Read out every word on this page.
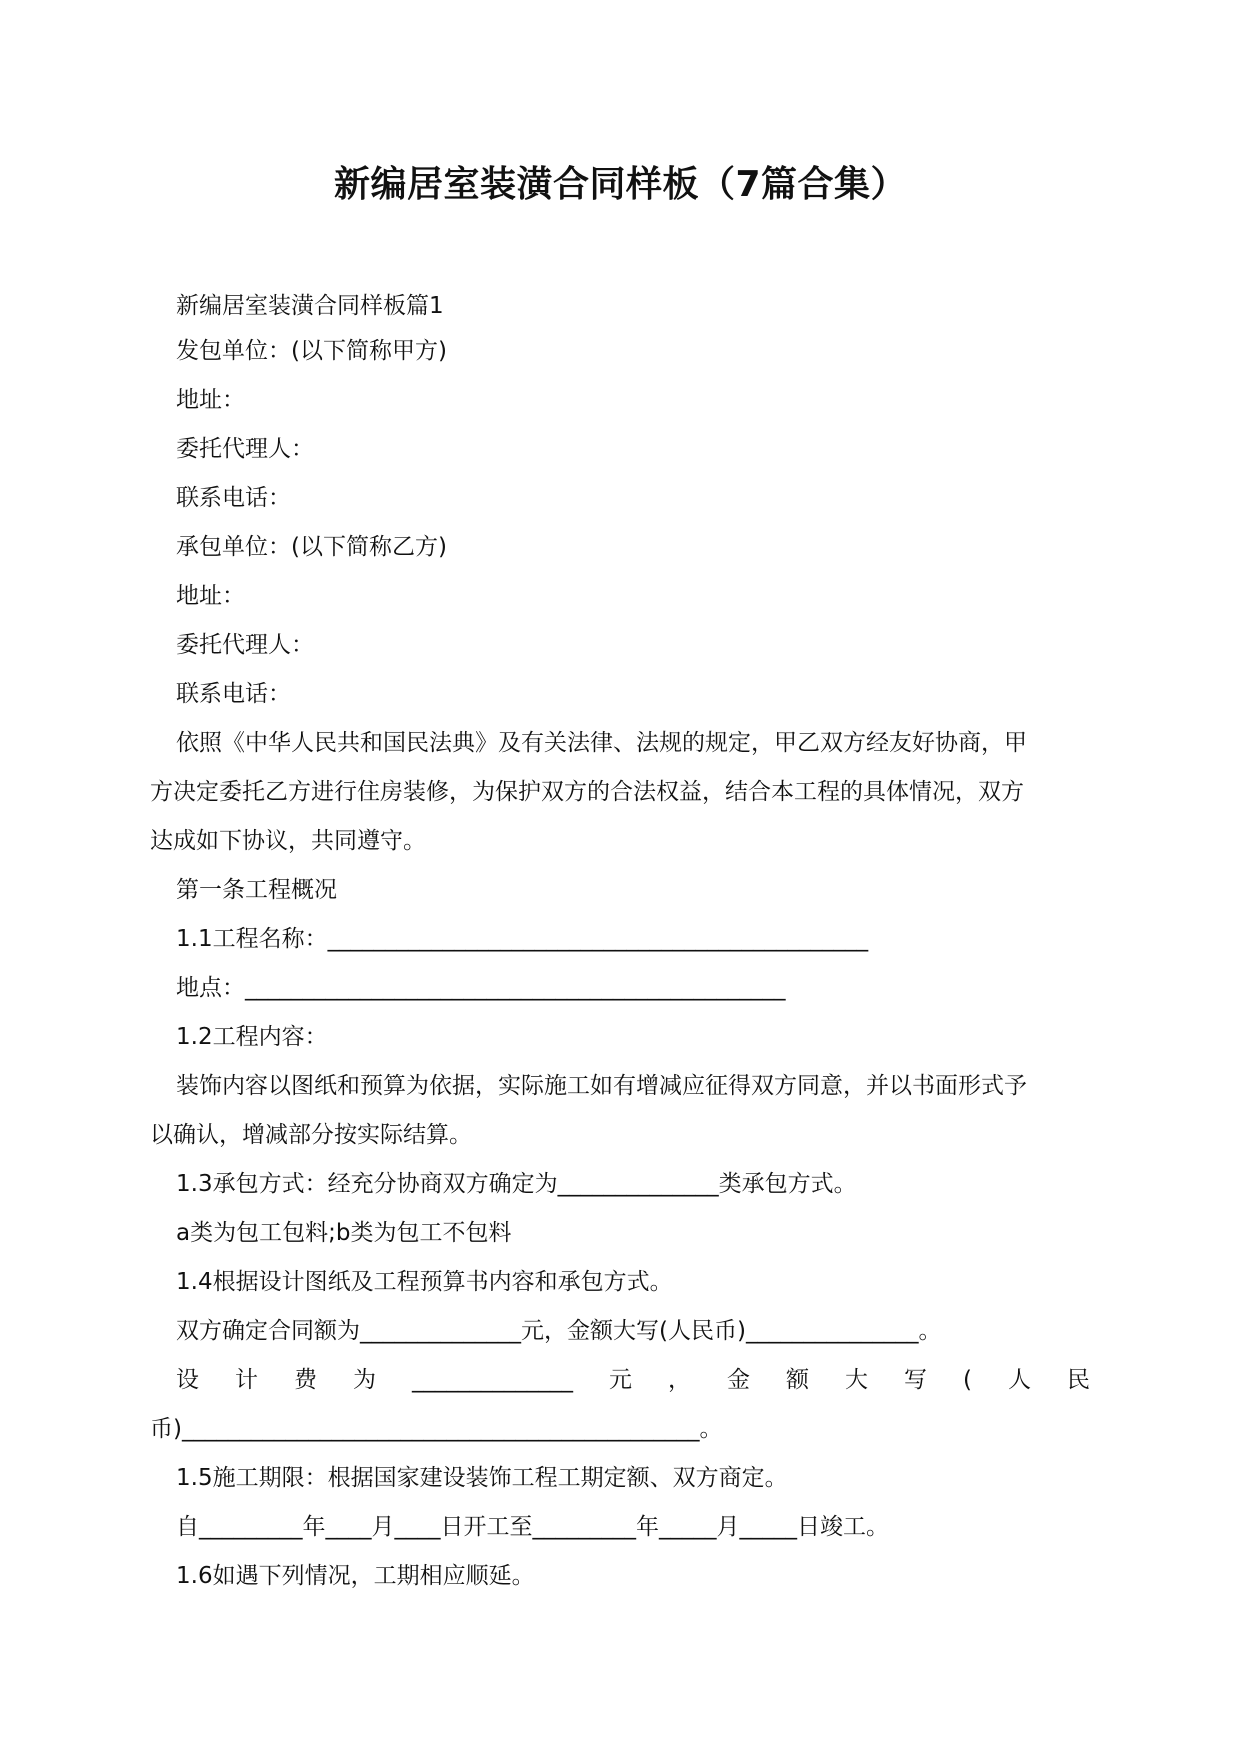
新编居室装潢合同样板（7篇合集）
新编居室装潢合同样板篇1
发包单位：(以下简称甲方)
地址：
委托代理人：
联系电话：
承包单位：(以下简称乙方)
地址：
委托代理人：
联系电话：
依照《中华人民共和国民法典》及有关法律、法规的规定，甲乙双方经友好协商，甲
方决定委托乙方进行住房装修，为保护双方的合法权益，结合本工程的具体情况，双方
达成如下协议，共同遵守。
第一条工程概况
1.1工程名称：_______________________________________________
地点：_______________________________________________
1.2工程内容：
装饰内容以图纸和预算为依据，实际施工如有增减应征得双方同意，并以书面形式予
以确认，增减部分按实际结算。
1.3承包方式：经充分协商双方确定为______________类承包方式。
a类为包工包料;b类为包工不包料
1.4根据设计图纸及工程预算书内容和承包方式。
双方确定合同额为______________元，金额大写(人民币)_______________。
设计费为______________元，金额大写(人民
币)_____________________________________________。
1.5施工期限：根据国家建设装饰工程工期定额、双方商定。
自_________年____月____日开工至_________年_____月_____日竣工。
1.6如遇下列情况，工期相应顺延。
